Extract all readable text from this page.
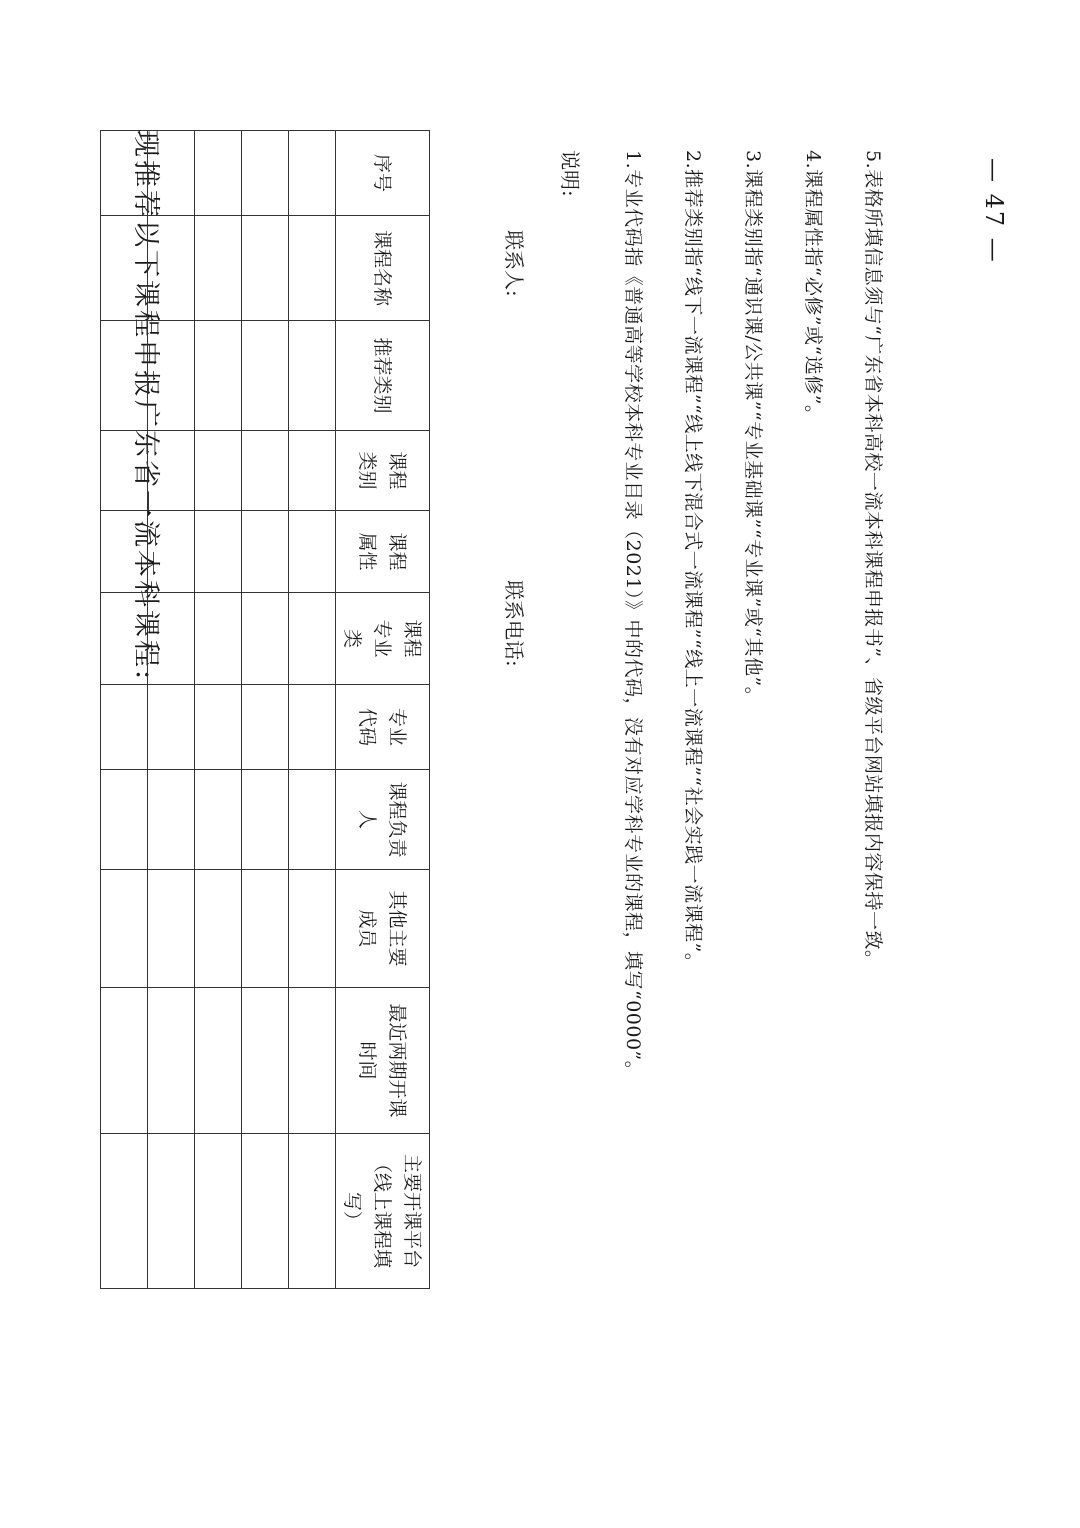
— 47 —
现推荐以下课程申报广东省一流本科课程:	序号	课程名称	推荐类别	课程类别	课程属性	课程专业类	专业代码	课程负责人	其他主要成员	最近两期开课时间	主要开课平台（线上课程填写）

联系人:
联系电话:
说明: 1.专业代码指《普通高等学校本科专业目录（2021）》中的代码，没有对应学科专业的课程，填写“0000”。 2.推荐类别指“线下一流课程”“线上线下混合式一流课程”“线上一流课程”“社会实践一流课程”。 3.课程类别指“通识课/公共课”“专业基础课”“专业课”或“其他”。 4.课程属性指“必修”或“选修”。 5.表格所填信息须与“广东省本科高校一流本科课程申报书”、省级平台网站填报内容保持一致。
